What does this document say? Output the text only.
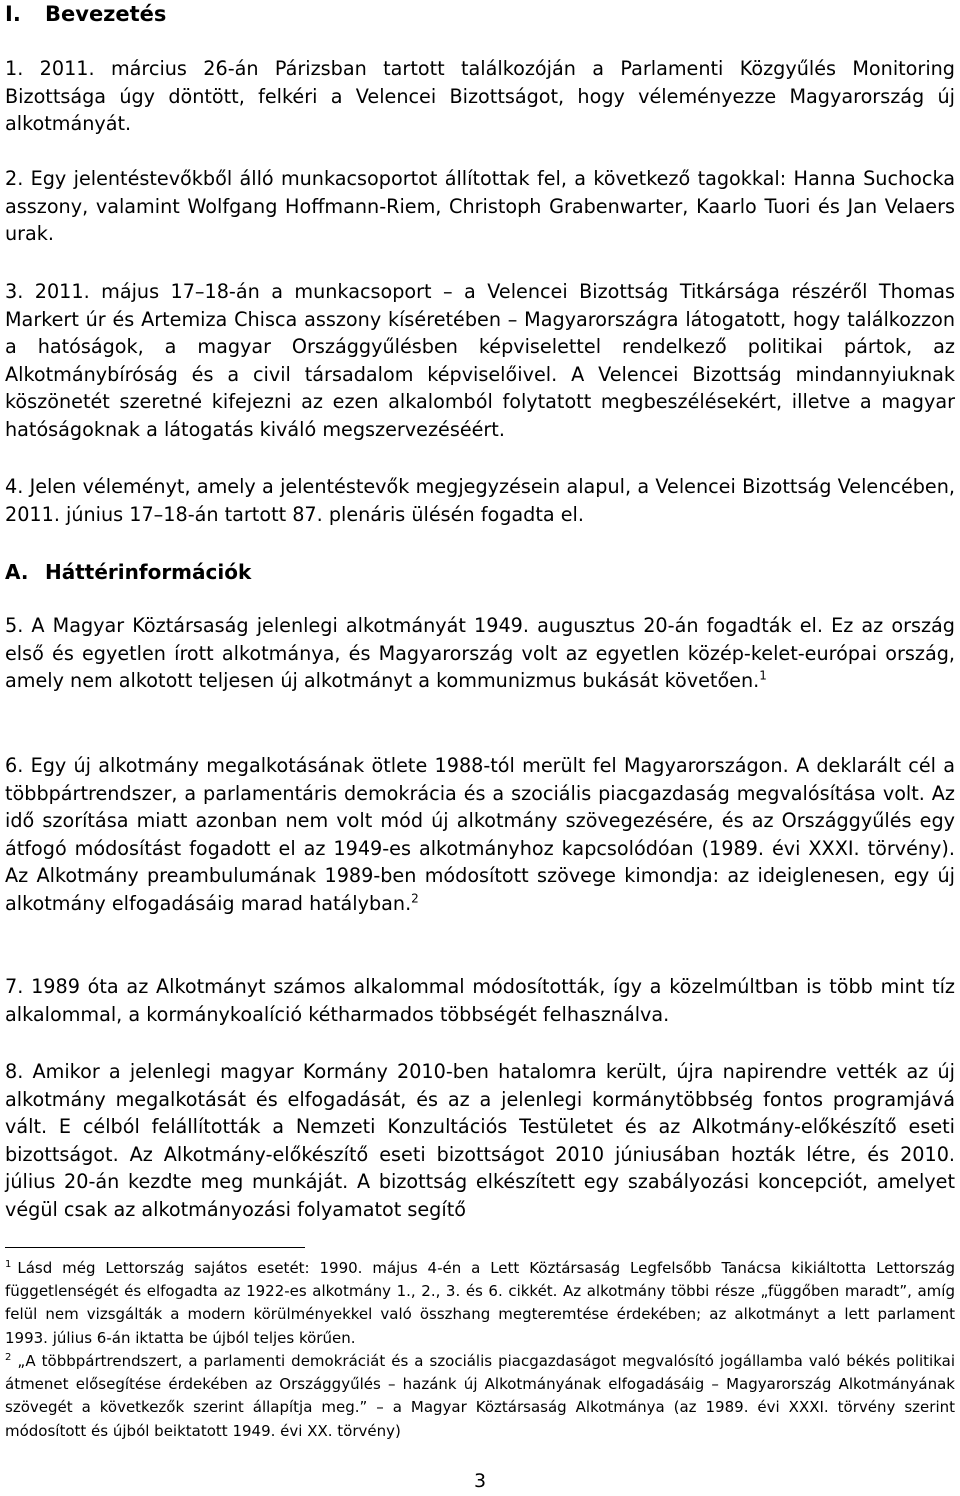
I. Bevezetés
1. 2011. március 26-án Párizsban tartott találkozóján a Parlamenti Közgyűlés Monitoring Bizottsága úgy döntött, felkéri a Velencei Bizottságot, hogy véleményezze Magyarország új alkotmányát.
2. Egy jelentéstevőkből álló munkacsoportot állítottak fel, a következő tagokkal: Hanna Suchocka asszony, valamint Wolfgang Hoffmann-Riem, Christoph Grabenwarter, Kaarlo Tuori és Jan Velaers urak.
3. 2011. május 17–18-án a munkacsoport – a Velencei Bizottság Titkársága részéről Thomas Markert úr és Artemiza Chisca asszony kíséretében – Magyarországra látogatott, hogy találkozzon a hatóságok, a magyar Országgyűlésben képviselettel rendelkező politikai pártok, az Alkotmánybíróság és a civil társadalom képviselőivel. A Velencei Bizottság mindannyiuknak köszönetét szeretné kifejezni az ezen alkalomból folytatott megbeszélésekért, illetve a magyar hatóságoknak a látogatás kiváló megszervezéséért.
4. Jelen véleményt, amely a jelentéstevők megjegyzésein alapul, a Velencei Bizottság Velencében, 2011. június 17–18-án tartott 87. plenáris ülésén fogadta el.
A. Háttérinformációk
5. A Magyar Köztársaság jelenlegi alkotmányát 1949. augusztus 20-án fogadták el. Ez az ország első és egyetlen írott alkotmánya, és Magyarország volt az egyetlen közép-kelet-európai ország, amely nem alkotott teljesen új alkotmányt a kommunizmus bukását követően.$^1$
6. Egy új alkotmány megalkotásának ötlete 1988-tól merült fel Magyarországon. A deklarált cél a többpártrendszer, a parlamentáris demokrácia és a szociális piacgazdaság megvalósítása volt. Az idő szorítása miatt azonban nem volt mód új alkotmány szövegezésére, és az Országgyűlés egy átfogó módosítást fogadott el az 1949-es alkotmányhoz kapcsolódóan (1989. évi XXXI. törvény). Az Alkotmány preambulumának 1989-ben módosított szövege kimondja: az ideiglenesen, egy új alkotmány elfogadásáig marad hatályban.$^2$
7. 1989 óta az Alkotmányt számos alkalommal módosították, így a közelmúltban is több mint tíz alkalommal, a kormánykoalíció kétharmados többségét felhasználva.
8. Amikor a jelenlegi magyar Kormány 2010-ben hatalomra került, újra napirendre vették az új alkotmány megalkotását és elfogadását, és az a jelenlegi kormánytöbbség fontos programjává vált. E célból felállították a Nemzeti Konzultációs Testületet és az Alkotmány-előkészítő eseti bizottságot. Az Alkotmány-előkészítő eseti bizottságot 2010 júniusában hozták létre, és 2010. július 20-án kezdte meg munkáját. A bizottság elkészített egy szabályozási koncepciót, amelyet végül csak az alkotmányozási folyamatot segítő
$^1$ Lásd még Lettország sajátos esetét: 1990. május 4-én a Lett Köztársaság Legfelsőbb Tanácsa kikiáltotta Lettország függetlenségét és elfogadta az 1922-es alkotmány 1., 2., 3. és 6. cikkét. Az alkotmány többi része „függőben maradt”, amíg felül nem vizsgálták a modern körülményekkel való összhang megteremtése érdekében; az alkotmányt a lett parlament 1993. július 6-án iktatta be újból teljes körűen.
$^2$ „A többpártrendszert, a parlamenti demokráciát és a szociális piacgazdaságot megvalósító jogállamba való békés politikai átmenet elősegítése érdekében az Országgyűlés – hazánk új Alkotmányának elfogadásáig – Magyarország Alkotmányának szövegét a következők szerint állapítja meg.” – a Magyar Köztársaság Alkotmánya (az 1989. évi XXXI. törvény szerint módosított és újból beiktatott 1949. évi XX. törvény)
3
